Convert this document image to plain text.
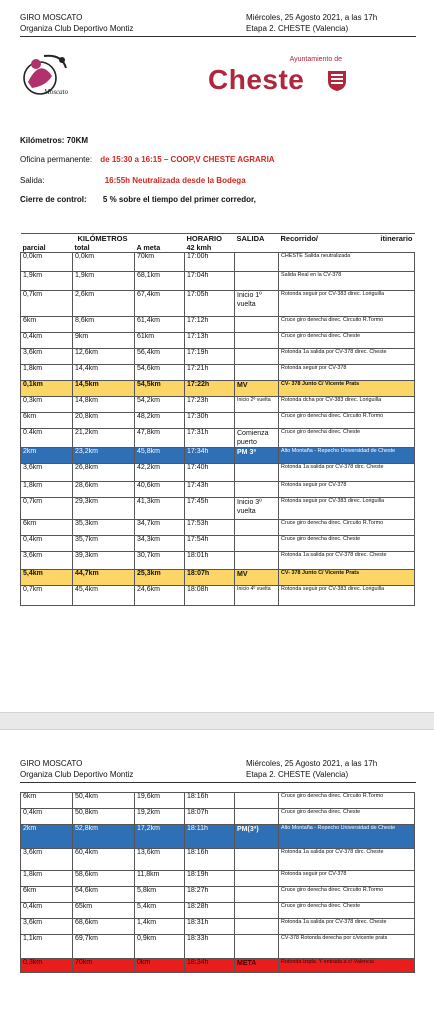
GIRO MOSCATO
Organiza Club Deportivo Montiz
Miércoles, 25 Agosto 2021, a las 17h
Etapa 2. CHESTE (Valencia)
Moscato
Ayuntamiento de
Cheste
Kilómetros: 70KM
Oficina permanente: de 15:30 a 16:15 – COOP,V CHESTE AGRARIA
Salida:	16:55h Neutralizada desde la Bodega
Cierre de control: 5 % sobre el tiempo del primer corredor,
KILÓMETROS			HORARIO	SALIDA	Recorrido/ itinerario

parcial	total	A meta	42 kmh		
0,0km	0,0km	70km	17:00h		CHESTE Salida neutralizada
1,9km	1,9km	68,1km	17:04h		Salida Real en la CV-378
0,7km	2,6km	67,4km	17:05h	Inicio 1º vuelta	Rotonda seguir por CV-383 direc. Loriguilla
6km	8,6km	61,4km	17:12h		Cruce giro derecha direc. Circuito R.Tormo
0,4km	9km	61km	17:13h		Cruce giro derecha direc. Cheste
3,6km	12,6km	56,4km	17:19h		Rotonda 1a salida por CV-378 direc. Cheste
1,8km	14,4km	54,6km	17:21h		Rotonda seguir por CV-378
0,1km	14,5km	54,5km	17:22h	MV	CV- 378 Junto C/ Vicente Prats
0,3km	14,8km	54,2km	17:23h	Inicio 2º vuelta	Rotonda dcha por CV-383 direc. Loriguilla
6km	20,8km	48,2km	17:30h		Cruce giro derecha direc. Circuito R.Tormo
0.4km	21,2km	47,8km	17:31h	Comienza puerto	Cruce giro derecha direc. Cheste
2km	23,2km	45,8km	17:34h	PM 3ª	Alto Montaña - Repecho Universidad de Cheste
3,6km	26,8km	42,2km	17:40h		Rotonda 1a salida por CV-378 dirc. Cheste
1,8km	28,6km	40,6km	17:43h		Rotonda seguir por CV-378
0,7km	29,3km	41,3km	17:45h	Inicio 3º vuelta	Rotonda seguir por CV-383 direc. Loriguilla
6km	35,3km	34,7km	17:53h		Cruce giro derecha direc. Circuito R.Tormo
0,4km	35,7km	34,3km	17:54h		Cruce giro derecha direc. Cheste
3,6km	39,3km	30,7km	18:01h		Rotonda 1a salida por CV-378 direc. Cheste
5,4km	44,7km	25,3km	18:07h	MV	CV- 378 Junto C/ Vicente Prats
0,7km	45,4km	24,6km	18:08h	Inicio 4º vuelta	Rotonda seguir por CV-383 direc. Loriguilla
GIRO MOSCATO
Organiza Club Deportivo Montiz
Miércoles, 25 Agosto 2021, a las 17h
Etapa 2. CHESTE (Valencia)
6km	50,4km	19,6km	18:16h		Cruce giro derecha direc. Circuito R.Tormo
0,4km	50,8km	19,2km	18:07h		Cruce giro derecha direc. Cheste
2km	52,8km	17,2km	18:11h	PM(3ª)	Alto Montaña - Repecho Universidad de Cheste
3,6km	60,4km	13,6km	18:16h		Rotonda 1a salida por CV-378 dirc. Cheste
1,8km	58,6km	11,8km	18:19h		Rotonda seguir por CV-378
6km	64,6km	5,8km	18:27h		Cruce giro derecha direc. Circuito R.Tormo
0,4km	65km	5,4km	18:28h		Cruce giro derecha direc. Cheste
3,6km	68,6km	1,4km	18:31h		Rotonda 1a salida por CV-378 direc. Cheste
1,1km	69,7km	0,9km	18:33h		CV-378 Rotonda derecha por c/vicente prats
0,3km	70km	0km	18:34h	META	Rotonda izqda. Y entrada a c/ Valencia
